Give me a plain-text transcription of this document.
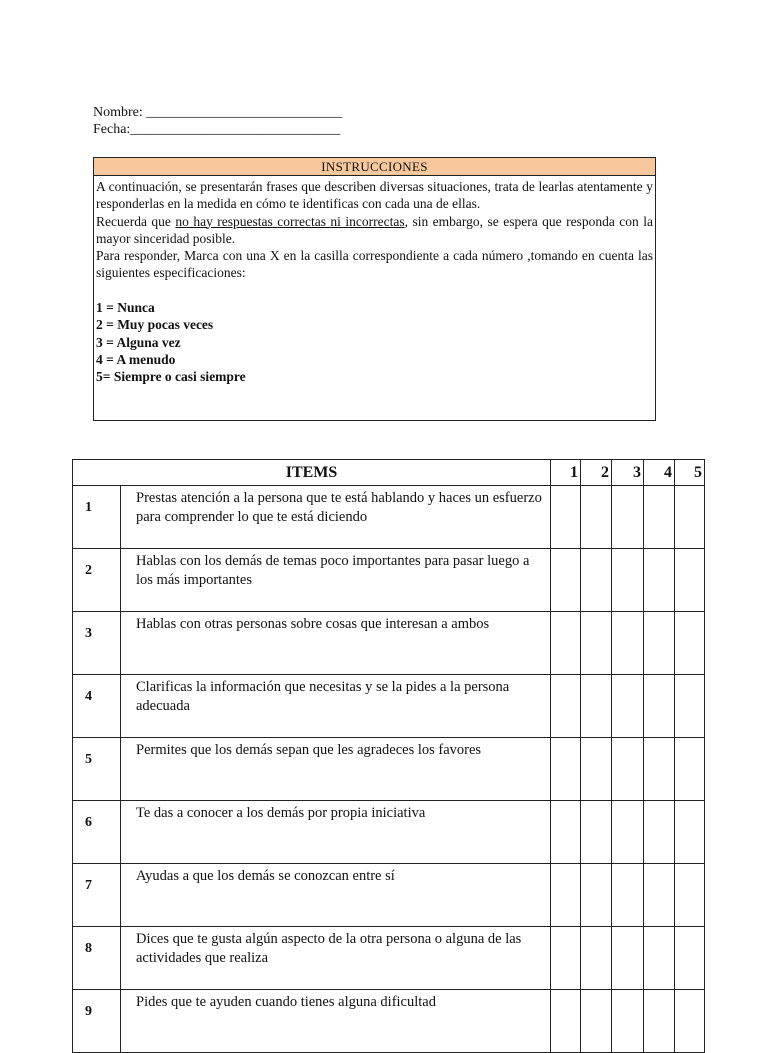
Nombre: ____________________________
Fecha:______________________________
INSTRUCCIONES

A continuación, se presentarán frases que describen diversas situaciones, trata de learlas atentamente y responderlas en la medida en cómo te identificas con cada una de ellas.

Recuerda que no hay respuestas correctas ni incorrectas, sin embargo, se espera que responda con la mayor sinceridad posible.

Para responder, Marca con una X en la casilla correspondiente a cada número ,tomando en cuenta las siguientes especificaciones:

1 = Nunca
2 = Muy pocas veces
3 = Alguna vez
4 = A menudo
5= Siempre o casi siempre
ITEMS		1	2	3	4	5
1	Prestas atención a la persona que te está hablando y haces un esfuerzo para comprender lo que te está diciendo					
2	Hablas con los demás de temas poco importantes para pasar luego a los más importantes					
3	Hablas con otras personas sobre cosas que interesan a ambos					
4	Clarificas la información que necesitas y se la pides a la persona adecuada					
5	Permites que los demás sepan que les agradeces los favores					
6	Te das a conocer a los demás por propia iniciativa					
7	Ayudas a que los demás se conozcan entre sí					
8	Dices que te gusta algún aspecto de la otra persona o alguna de las actividades que realiza					
9	Pides que te ayuden cuando tienes alguna dificultad					
